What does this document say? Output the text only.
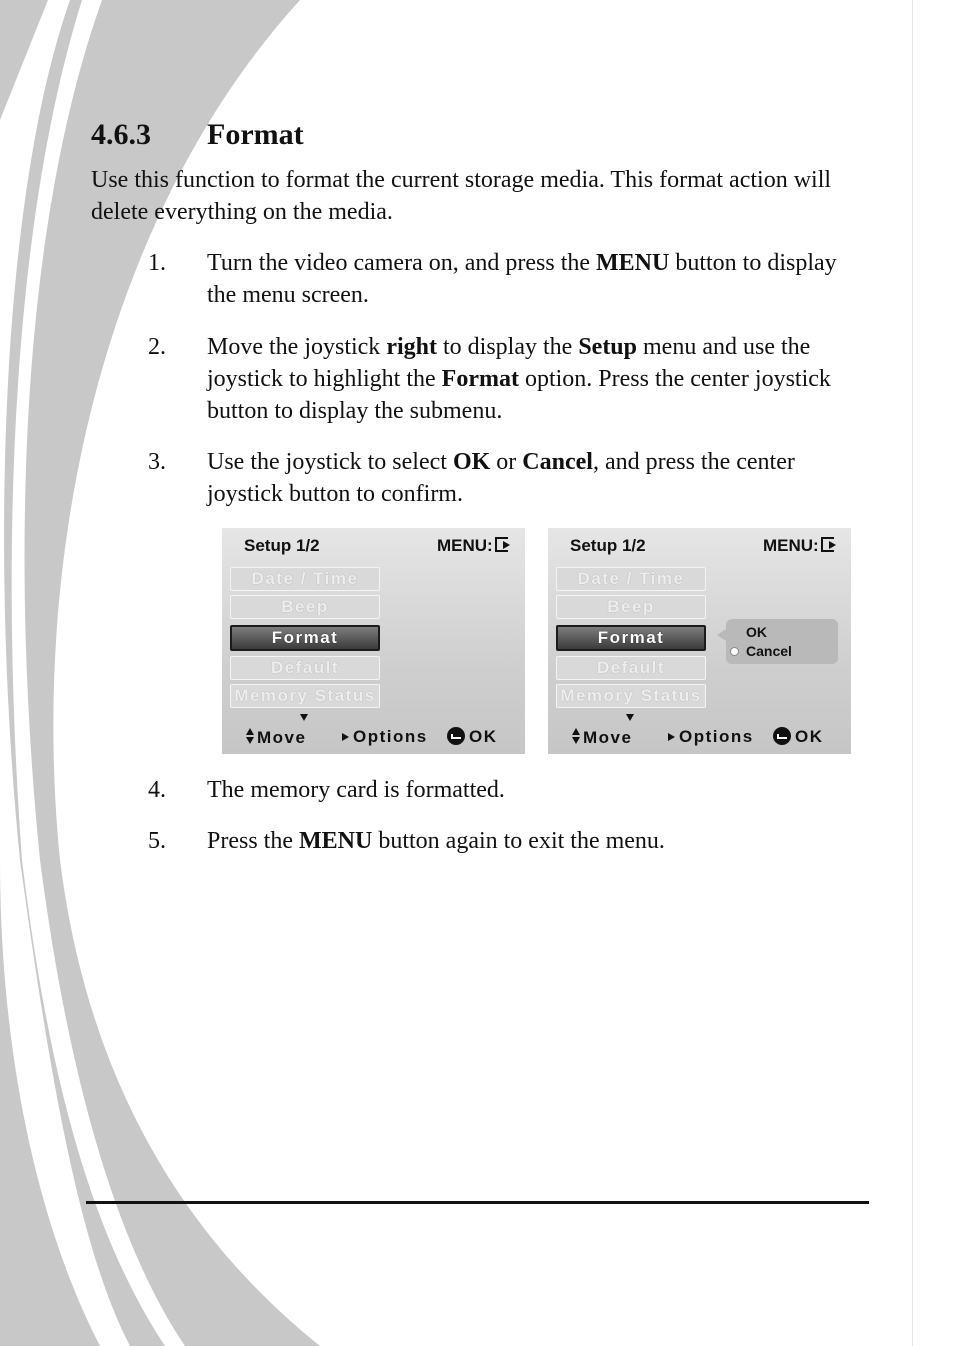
4.6.3 Format

Use this function to format the current storage media. This format action will delete everything on the media.

1. Turn the video camera on, and press the MENU button to display the menu screen.
2. Move the joystick right to display the Setup menu and use the joystick to highlight the Format option. Press the center joystick button to display the submenu.
3. Use the joystick to select OK or Cancel, and press the center joystick button to confirm.
Setup 1/2	MENU:
Date / Time
Beep
Format
Default
Memory Status
Move	Options	OK
Setup 1/2	MENU:
Date / Time
Beep
Format
Default
Memory Status
OK
Cancel
Move	Options	OK
4. The memory card is formatted.
5. Press the MENU button again to exit the menu.
